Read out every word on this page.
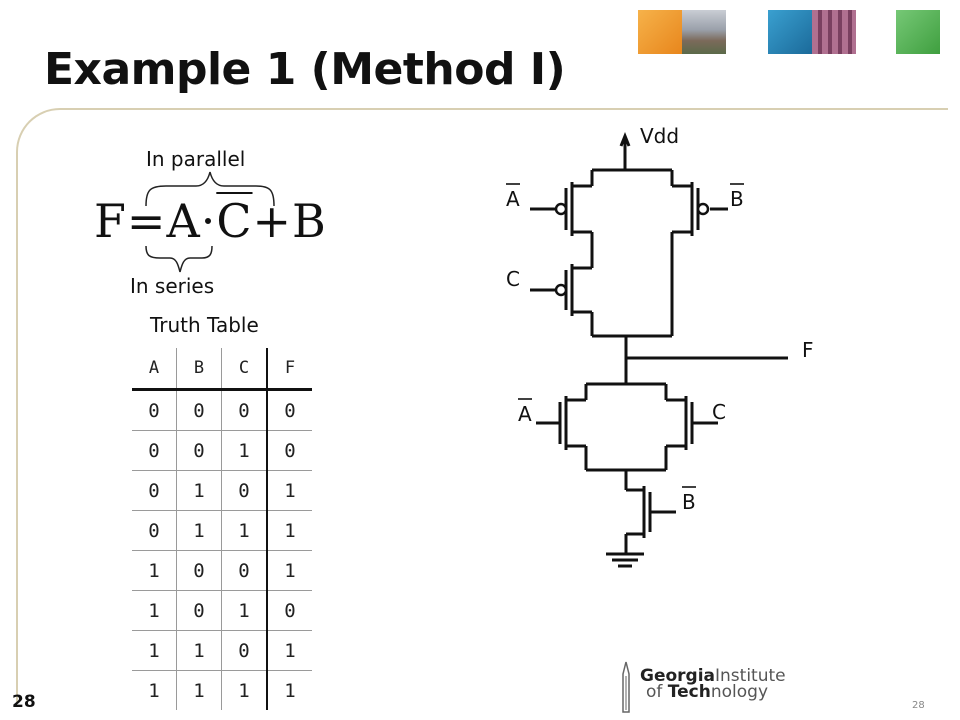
Example 1 (Method I)
In parallel
$F=A\cdot\overline{C}+B$
In series
Truth Table
A	B	C	F
0	0	0	0
0	0	1	0
0	1	0	1
0	1	1	1
1	0	0	1
1	0	1	0
1	1	0	1
1	1	1	1
Vdd
A	B
C
F
A	C
B
GeorgiaInstitute
of Technology
28	28
